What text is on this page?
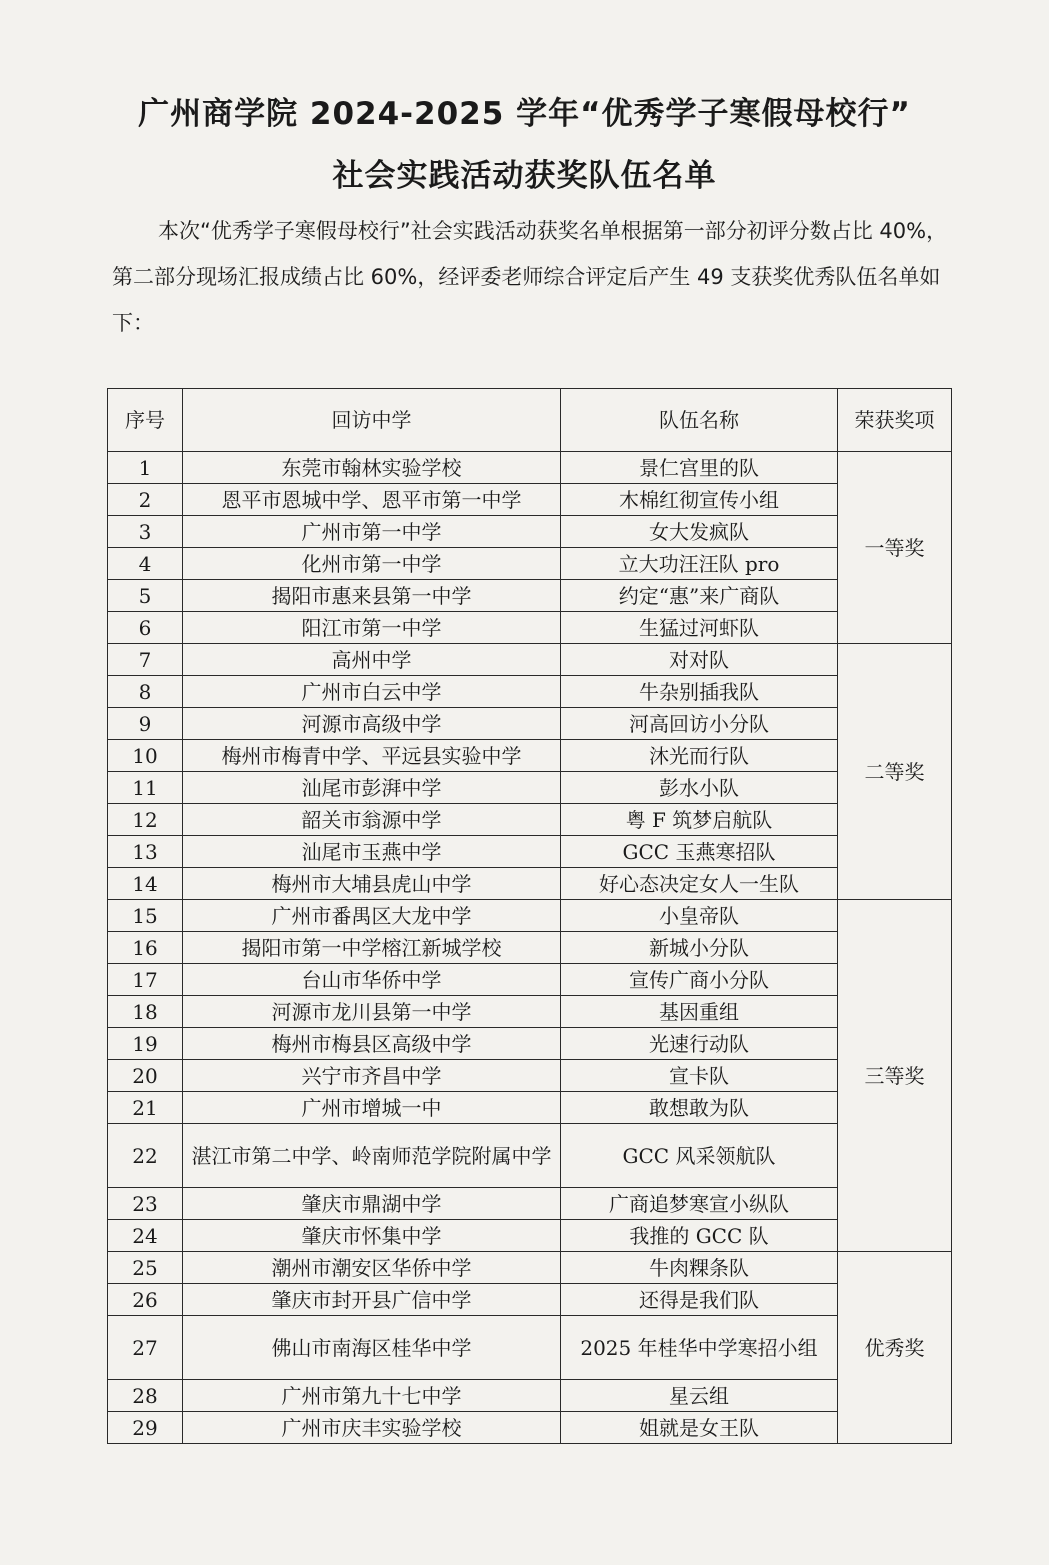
广州商学院 2024-2025 学年“优秀学子寒假母校行”
社会实践活动获奖队伍名单
本次“优秀学子寒假母校行”社会实践活动获奖名单根据第一部分初评分数占比 40%，第二部分现场汇报成绩占比 60%，经评委老师综合评定后产生 49 支获奖优秀队伍名单如下：
序号	回访中学	队伍名称	荣获奖项
1	东莞市翰林实验学校	景仁宫里的队	一等奖
2	恩平市恩城中学、恩平市第一中学	木棉红彻宣传小组	
3	广州市第一中学	女大发疯队	
4	化州市第一中学	立大功汪汪队 pro	
5	揭阳市惠来县第一中学	约定“惠”来广商队	
6	阳江市第一中学	生猛过河虾队	
7	高州中学	对对队	二等奖
8	广州市白云中学	牛杂别插我队	
9	河源市高级中学	河高回访小分队	
10	梅州市梅青中学、平远县实验中学	沐光而行队	
11	汕尾市彭湃中学	彭水小队	
12	韶关市翁源中学	粤 F 筑梦启航队	
13	汕尾市玉燕中学	GCC 玉燕寒招队	
14	梅州市大埔县虎山中学	好心态决定女人一生队	
15	广州市番禺区大龙中学	小皇帝队	三等奖
16	揭阳市第一中学榕江新城学校	新城小分队	
17	台山市华侨中学	宣传广商小分队	
18	河源市龙川县第一中学	基因重组	
19	梅州市梅县区高级中学	光速行动队	
20	兴宁市齐昌中学	宣卡队	
21	广州市增城一中	敢想敢为队	
22	湛江市第二中学、岭南师范学院附属中学	GCC 风采领航队	
23	肇庆市鼎湖中学	广商追梦寒宣小纵队	
24	肇庆市怀集中学	我推的 GCC 队	
25	潮州市潮安区华侨中学	牛肉粿条队	优秀奖
26	肇庆市封开县广信中学	还得是我们队	
27	佛山市南海区桂华中学	2025 年桂华中学寒招小组	
28	广州市第九十七中学	星云组	
29	广州市庆丰实验学校	姐就是女王队	
